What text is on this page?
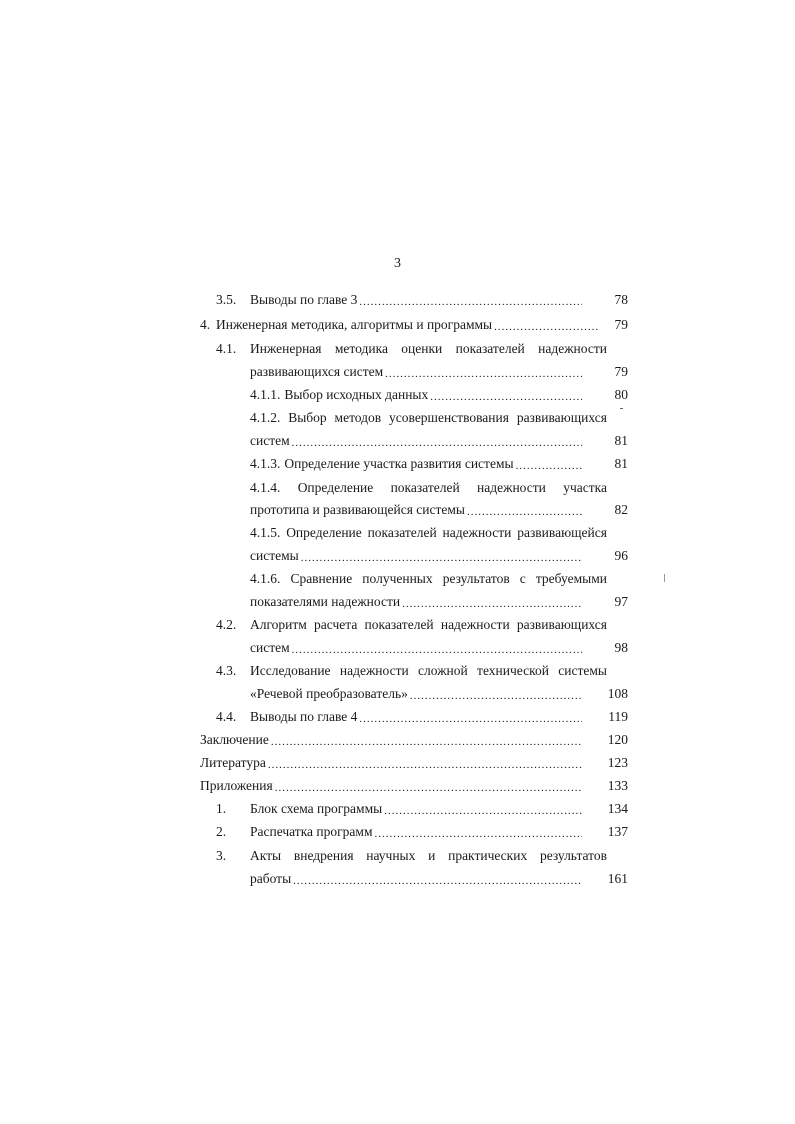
3
3.5.	Выводы по главе 3 .....	78
4. Инженерная методика, алгоритмы и программы .....	79
4.1. Инженерная методика оценки показателей надежности
развивающихся систем .....	79
4.1.1. Выбор исходных данных .....	80
4.1.2. Выбор методов усовершенствования развивающихся
систем .....	81
4.1.3. Определение участка развития системы .....	81
4.1.4. Определение показателей надежности участка
прототипа и развивающейся системы .....	82
4.1.5. Определение показателей надежности развивающейся
системы .....	96
4.1.6. Сравнение полученных результатов с требуемыми
показателями надежности .....	97
4.2. Алгоритм расчета показателей надежности развивающихся
систем .....	98
4.3. Исследование надежности сложной технической системы
«Речевой преобразователь» .....	108
4.4.	Выводы по главе 4 .....	119
Заключение .....	120
Литература .....	123
Приложения .....	133
1.	Блок схема программы .....	134
2.	Распечатка программ .....	137
3. Акты внедрения научных и практических результатов
работы .....	161
